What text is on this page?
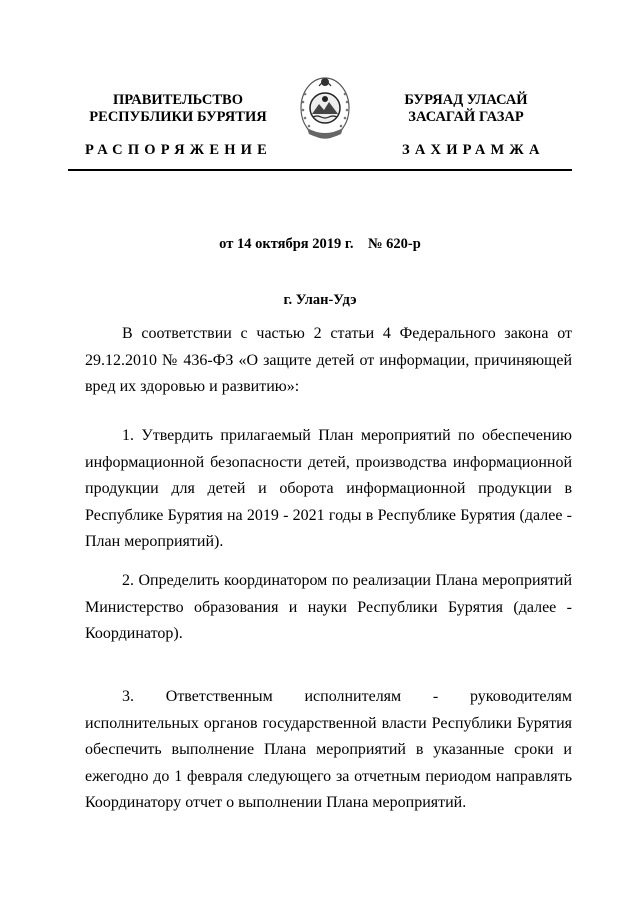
ПРАВИТЕЛЬСТВО
РЕСПУБЛИКИ БУРЯТИЯ
БУРЯАД УЛАСАЙ
ЗАСАГАЙ ГАЗАР
РАСПОРЯЖЕНИЕ	ЗАХИРАМЖА
от 14 октября 2019 г.    № 620-р
г. Улан-Удэ

В соответствии с частью 2 статьи 4 Федерального закона от 29.12.2010 № 436-ФЗ «О защите детей от информации, причиняющей вред их здоровью и развитию»:

1. Утвердить прилагаемый План мероприятий по обеспечению информационной безопасности детей, производства информационной продукции для детей и оборота информационной продукции в Республике Бурятия на 2019 - 2021 годы в Республике Бурятия (далее - План мероприятий).

2. Определить координатором по реализации Плана мероприятий Министерство образования и науки Республики Бурятия (далее - Координатор).

3. Ответственным исполнителям - руководителям исполнительных органов государственной власти Республики Бурятия обеспечить выполнение Плана мероприятий в указанные сроки и ежегодно до 1 февраля следующего за отчетным периодом направлять Координатору отчет о выполнении Плана мероприятий.
